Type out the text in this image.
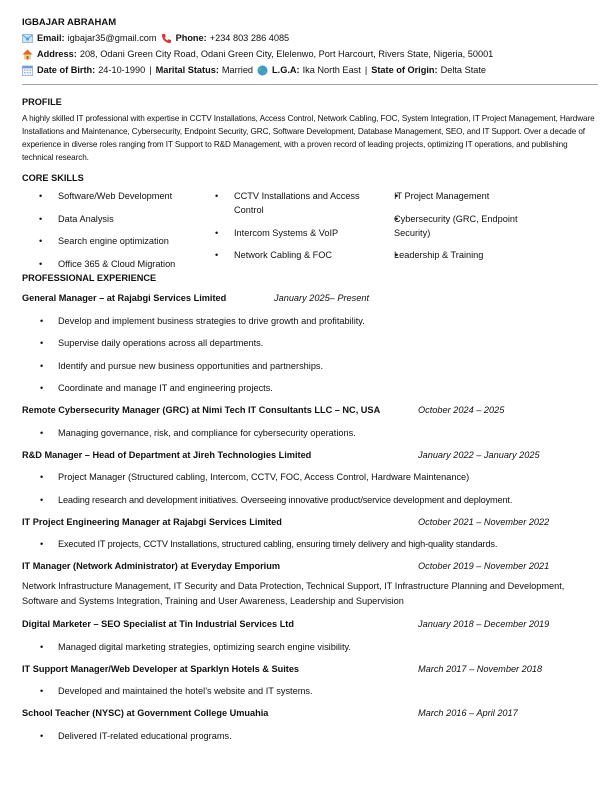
IGBAJAR ABRAHAM
Email: igbajar35@gmail.com Phone: +234 803 286 4085
Address: 208, Odani Green City Road, Odani Green City, Elelenwo, Port Harcourt, Rivers State, Nigeria, 50001
Date of Birth: 24-10-1990 | Marital Status: Married L.G.A: Ika North East | State of Origin: Delta State
PROFILE
A highly skilled IT professional with expertise in CCTV Installations, Access Control, Network Cabling, FOC, System Integration, IT Project Management, Hardware Installations and Maintenance, Cybersecurity, Endpoint Security, GRC, Software Development, Database Management, SEO, and IT Support. Over a decade of experience in diverse roles ranging from IT Support to R&D Management, with a proven record of leading projects, optimizing IT operations, and publishing technical research.
CORE SKILLS
• Software/Web Development
• Data Analysis
• Search engine optimization
• Office 365 & Cloud Migration
• CCTV Installations and Access Control
• Intercom Systems & VoIP
• Network Cabling & FOC
• IT Project Management
• Cybersecurity (GRC, Endpoint Security)
• Leadership & Training
PROFESSIONAL EXPERIENCE
General Manager – at Rajabgi Services Limited	January 2025– Present
• Develop and implement business strategies to drive growth and profitability.
• Supervise daily operations across all departments.
• Identify and pursue new business opportunities and partnerships.
• Coordinate and manage IT and engineering projects.
Remote Cybersecurity Manager (GRC) at Nimi Tech IT Consultants LLC – NC, USA	October 2024 – 2025
• Managing governance, risk, and compliance for cybersecurity operations.
R&D Manager – Head of Department at Jireh Technologies Limited	January 2022 – January 2025
• Project Manager (Structured cabling, Intercom, CCTV, FOC, Access Control, Hardware Maintenance)
• Leading research and development initiatives. Overseeing innovative product/service development and deployment.
IT Project Engineering Manager at Rajabgi Services Limited	October 2021 – November 2022
• Executed IT projects, CCTV Installations, structured cabling, ensuring timely delivery and high-quality standards.
IT Manager (Network Administrator) at Everyday Emporium	October 2019 – November 2021
Network Infrastructure Management, IT Security and Data Protection, Technical Support, IT Infrastructure Planning and Development, Software and Systems Integration, Training and User Awareness, Leadership and Supervision
Digital Marketer – SEO Specialist at Tin Industrial Services Ltd	January 2018 – December 2019
• Managed digital marketing strategies, optimizing search engine visibility.
IT Support Manager/Web Developer at Sparklyn Hotels & Suites	March 2017 – November 2018
• Developed and maintained the hotel’s website and IT systems.
School Teacher (NYSC) at Government College Umuahia	March 2016 – April 2017
• Delivered IT-related educational programs.
